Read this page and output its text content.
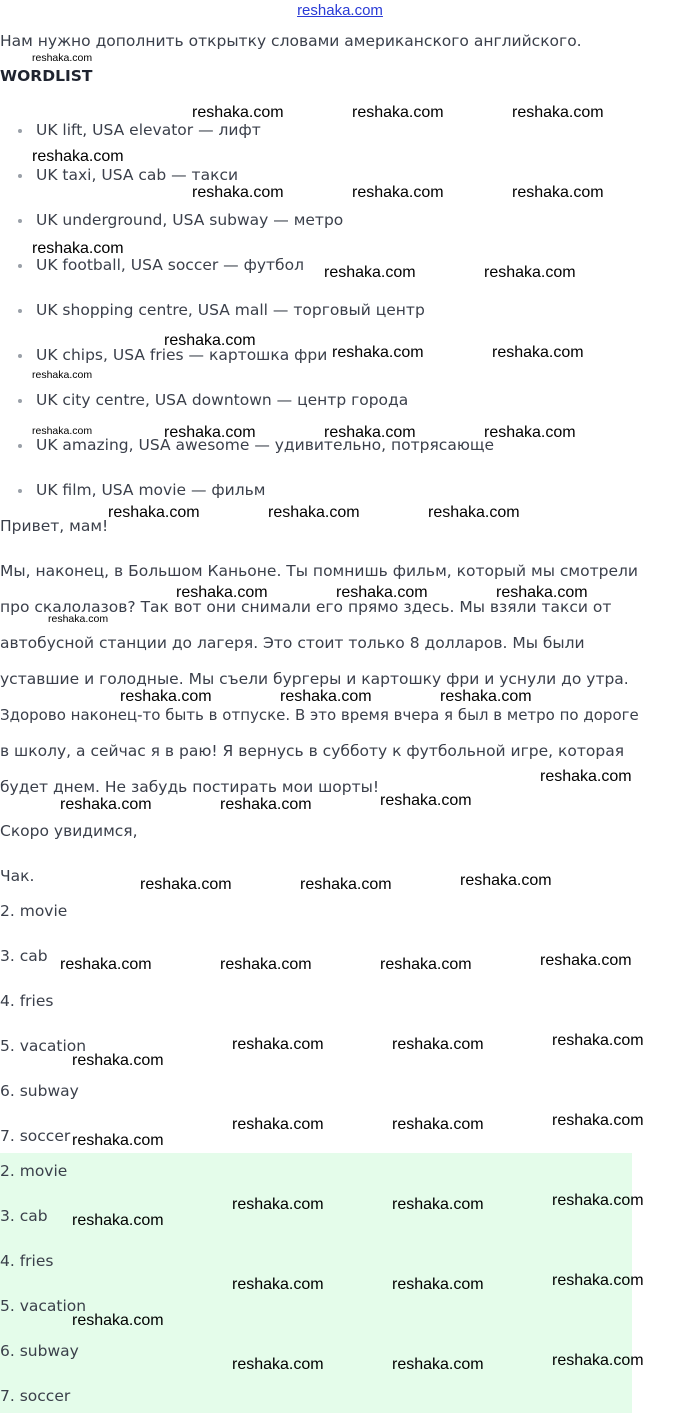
reshaka.com
Нам нужно дополнить открытку словами американского английского.
WORDLIST
UK lift, USA elevator — лифт
UK taxi, USA cab — такси
UK underground, USA subway — метро
UK football, USA soccer — футбол
UK shopping centre, USA mall — торговый центр
UK chips, USA fries — картошка фри
UK city centre, USA downtown — центр города
UK amazing, USA awesome — удивительно, потрясающе
UK film, USA movie — фильм
Привет, мам!
Мы, наконец, в Большом Каньоне. Ты помнишь фильм, который мы смотрели
про скалолазов? Так вот они снимали его прямо здесь. Мы взяли такси от
автобусной станции до лагеря. Это стоит только 8 долларов. Мы были
уставшие и голодные. Мы съели бургеры и картошку фри и уснули до утра.
Здорово наконец-то быть в отпуске. В это время вчера я был в метро по дороге
в школу, а сейчас я в раю! Я вернусь в субботу к футбольной игре, которая
будет днем. Не забудь постирать мои шорты!
Скоро увидимся,
Чак.
2. movie
3. cab
4. fries
5. vacation
6. subway
7. soccer
2. movie
3. cab
4. fries
5. vacation
6. subway
7. soccer
reshaka.com
reshaka.com	reshaka.com	reshaka.com
reshaka.com
reshaka.com	reshaka.com	reshaka.com
reshaka.com
reshaka.com	reshaka.com
reshaka.com
reshaka.com	reshaka.com
reshaka.com
reshaka.com	reshaka.com	reshaka.com	reshaka.com
reshaka.com	reshaka.com	reshaka.com
reshaka.com	reshaka.com	reshaka.com
reshaka.com
reshaka.com	reshaka.com	reshaka.com
reshaka.com
reshaka.com	reshaka.com	reshaka.com
reshaka.com	reshaka.com	reshaka.com
reshaka.com	reshaka.com	reshaka.com	reshaka.com
reshaka.com	reshaka.com	reshaka.com
reshaka.com
reshaka.com	reshaka.com	reshaka.com
reshaka.com
reshaka.com	reshaka.com	reshaka.com
reshaka.com
reshaka.com	reshaka.com	reshaka.com
reshaka.com
reshaka.com	reshaka.com	reshaka.com
